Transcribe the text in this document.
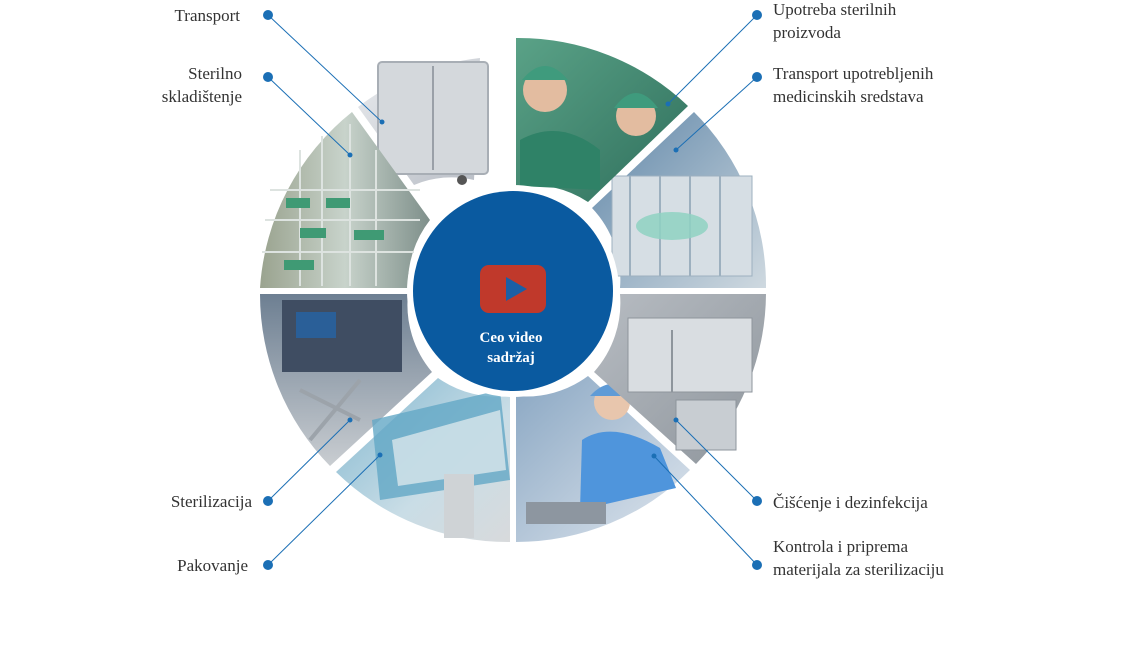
Ceo video
sadržaj
Transport
Sterilno
skladištenje
Sterilizacija
Pakovanje
Upotreba sterilnih
proizvoda
Transport upotrebljenih
medicinskih sredstava
Čišćenje i dezinfekcija
Kontrola i priprema
materijala za sterilizaciju
